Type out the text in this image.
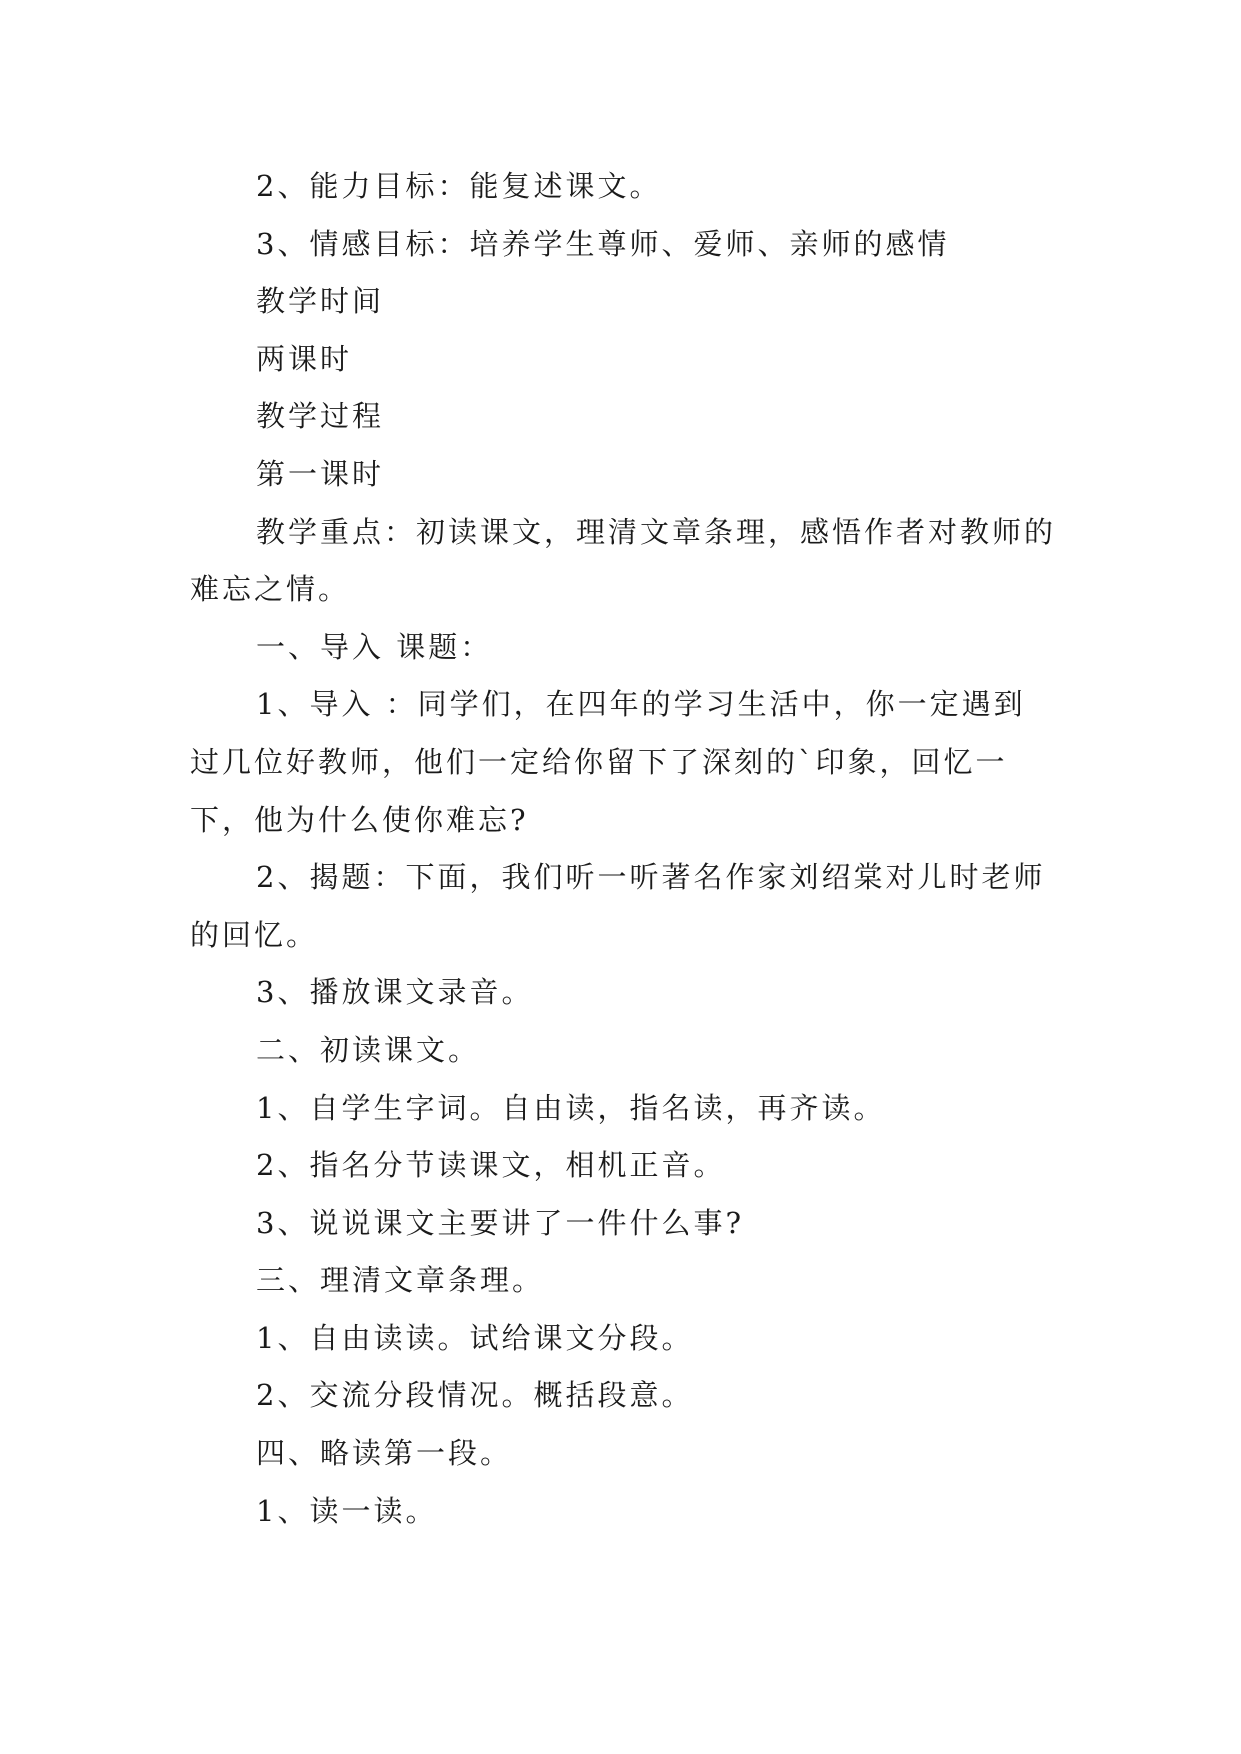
2、能力目标：能复述课文。

3、情感目标：培养学生尊师、爱师、亲师的感情

教学时间

两课时

教学过程

第一课时

教学重点：初读课文，理清文章条理，感悟作者对教师的难忘之情。

一、导入 课题：

1、导入 ：同学们，在四年的学习生活中，你一定遇到过几位好教师，他们一定给你留下了深刻的`印象，回忆一下，他为什么使你难忘?

2、揭题：下面，我们听一听著名作家刘绍棠对儿时老师的回忆。

3、播放课文录音。

二、初读课文。

1、自学生字词。自由读，指名读，再齐读。

2、指名分节读课文，相机正音。

3、说说课文主要讲了一件什么事?

三、理清文章条理。

1、自由读读。试给课文分段。

2、交流分段情况。概括段意。

四、略读第一段。

1、读一读。
